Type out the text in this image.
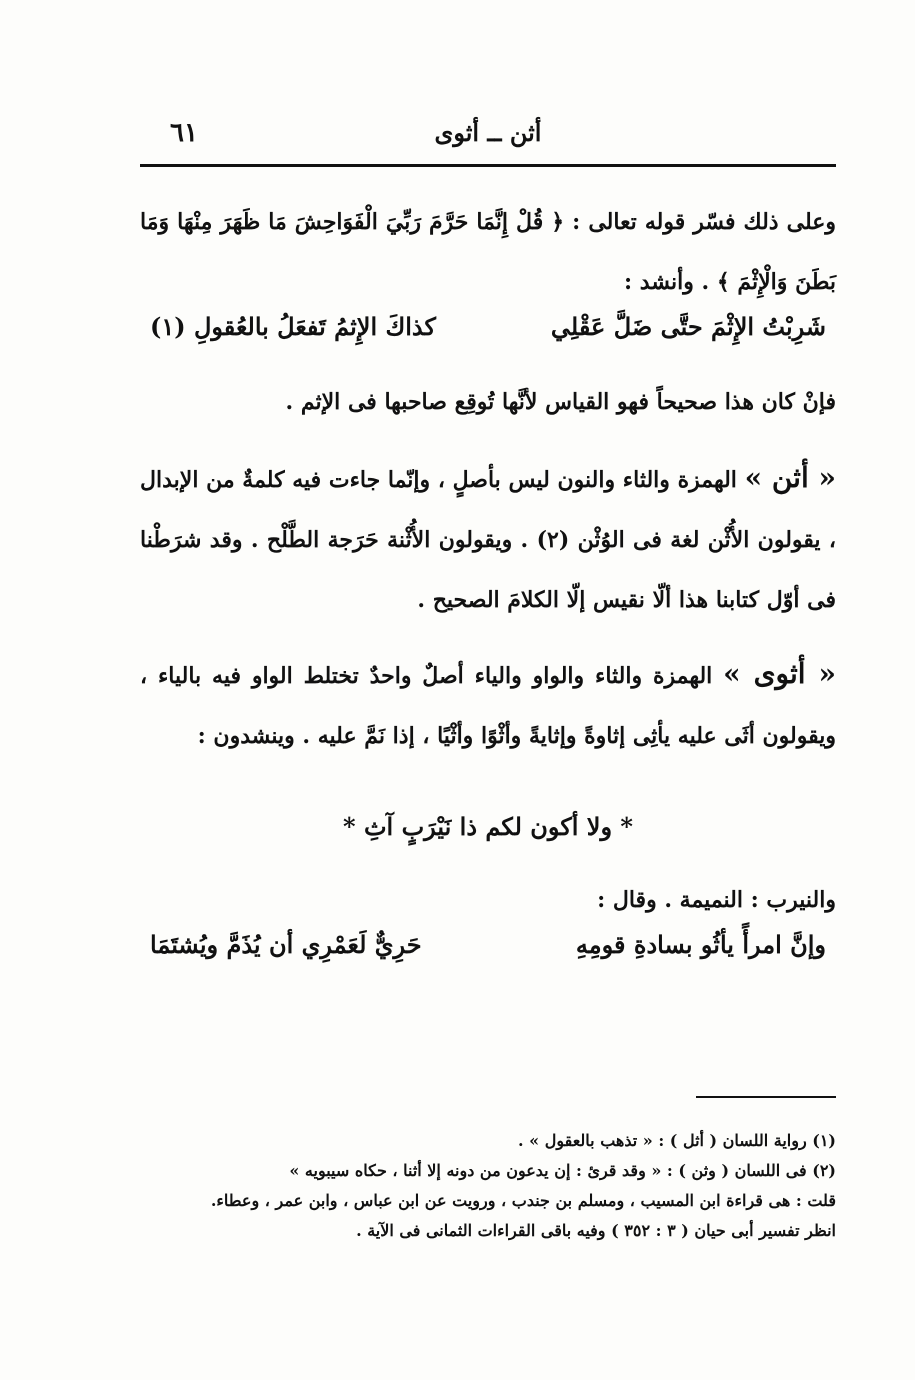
أثن ــ أثوى
٦١
وعلى ذلك فسّر قوله تعالى : ﴿ قُلْ إِنَّمَا حَرَّمَ رَبِّيَ الْفَوَاحِشَ مَا ظَهَرَ مِنْهَا وَمَا بَطَنَ وَالْإِثْمَ ﴾ . وأنشد :
شَرِبْتُ الإِثْمَ حتَّى ضَلَّ عَقْلِي
كذاكَ الإِثمُ تَفعَلُ بالعُقولِ (١)
فإنْ كان هذا صحيحاً فهو القياس لأنَّها تُوقِع صاحبها فى الإثم .
« أثن » الهمزة والثاء والنون ليس بأصلٍ ، وإنّما جاءت فيه كلمةٌ من الإبدال ، يقولون الأُثْن لغة فى الوُثْن (٢) . ويقولون الأُثْنة حَرَجة الطَّلْح . وقد شرَطْنا فى أوّل كتابنا هذا ألّا نقيس إلّا الكلامَ الصحيح .
« أثوى » الهمزة والثاء والواو والياء أصلٌ واحدٌ تختلط الواو فيه بالياء ، ويقولون أثَى عليه يأثِى إثاوةً وإثايةً وأثْوًا وأثْيًا ، إذا نَمَّ عليه . وينشدون :
* ولا أكون لكم ذا نَيْرَبٍ آثِ *
والنيرب : النميمة . وقال :
وإنَّ امرأً يأثُو بسادةِ قومِهِ
حَرِيٌّ لَعَمْرِي أن يُذَمَّ ويُشتَمَا
(١) رواية اللسان ( أثل ) : « تذهب بالعقول » .
(٢) فى اللسان ( وثن ) : « وقد قرئ : إن يدعون من دونه إلا أثنا ، حكاه سيبويه »
قلت : هى قراءة ابن المسيب ، ومسلم بن جندب ، ورويت عن ابن عباس ، وابن عمر ، وعطاء.
انظر تفسير أبى حيان ( ٣ : ٣٥٢ ) وفيه باقى القراءات الثمانى فى الآية .
